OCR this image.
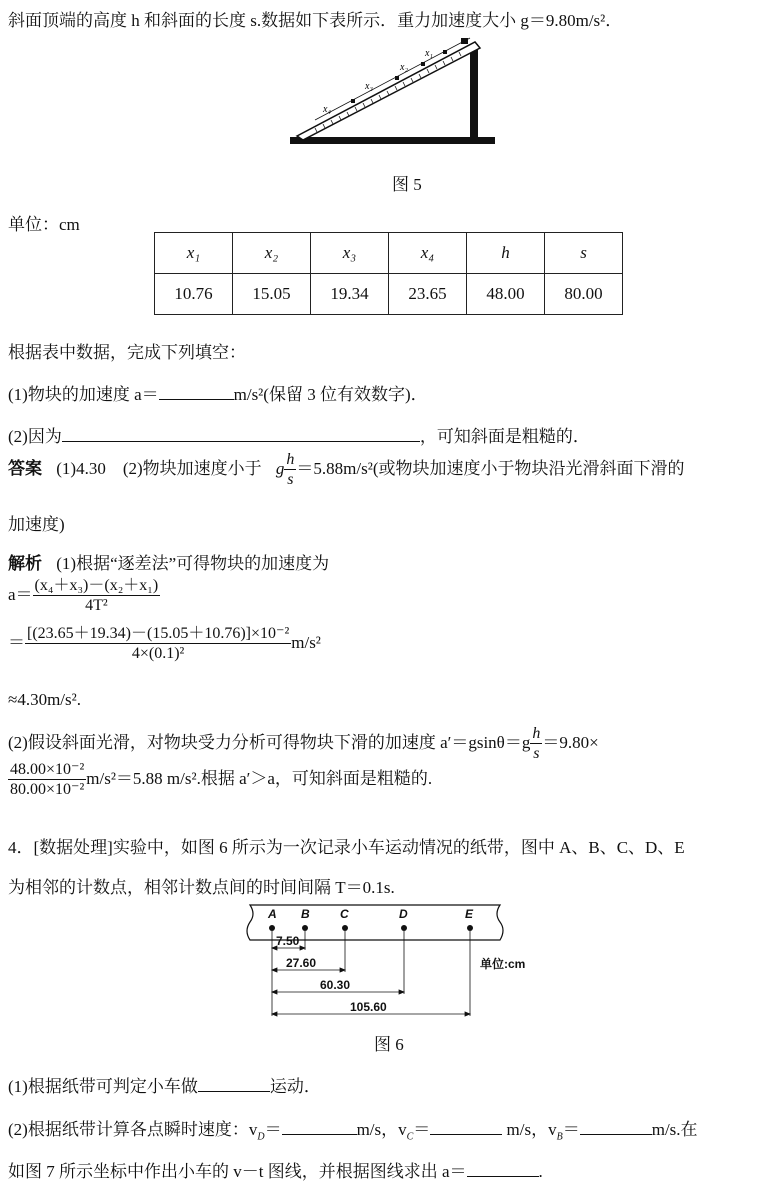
斜面顶端的高度 h 和斜面的长度 s.数据如下表所示．重力加速度大小 g＝9.80m/s²．
x₄
x₃
x₂
x₁
图 5
单位：cm
x₁	x₂	x₃	x₄	h	s
10.76	15.05	19.34	23.65	48.00	80.00
根据表中数据，完成下列填空：
(1)物块的加速度 a＝	m/s²(保留 3 位有效数字)．
(2)因为	，可知斜面是粗糙的．
答案 (1)4.30　(2)物块加速度小于 g $\frac{h}{s} =5.88m/s^2$(或物块加速度小于物块沿光滑斜面下滑的
加速度)
解析 (1)根据“逐差法”可得物块的加速度为
$a= \frac{\text{(x₄＋x₃)－(x₂＋x₁)}}{\text{4T²}}$
＝ $\frac{\text{[(23.65＋19.34)－(15.05＋10.76)]×10⁻²}}{\text{4×(0.1)²}} m/s^2$
≈4.30m/s².
(2)假设斜面光滑，对物块受力分析可得物块下滑的加速度 $a'=gsin\theta=g \frac{h}{s} =9.80\times$
$\frac{\text{48.00×10⁻²}}{\text{80.00×10⁻²}} m/s^2=5.88$ m/s².根据 a′＞a，可知斜面是粗糙的.
4．[数据处理]实验中，如图 6 所示为一次记录小车运动情况的纸带，图中 A、B、C、D、E
为相邻的计数点，相邻计数点间的时间间隔 T＝0.1s.
A B	C	D	E
7.50
27.60
60.30
105.60
单位:cm
图 6
(1)根据纸带可判定小车做	运动．
(2)根据纸带计算各点瞬时速度：$v_D=$	m/s，$v_C=$	m/s，$v_B=$	m/s.在
如图 7 所示坐标中作出小车的 v－t 图线，并根据图线求出 a＝	.
